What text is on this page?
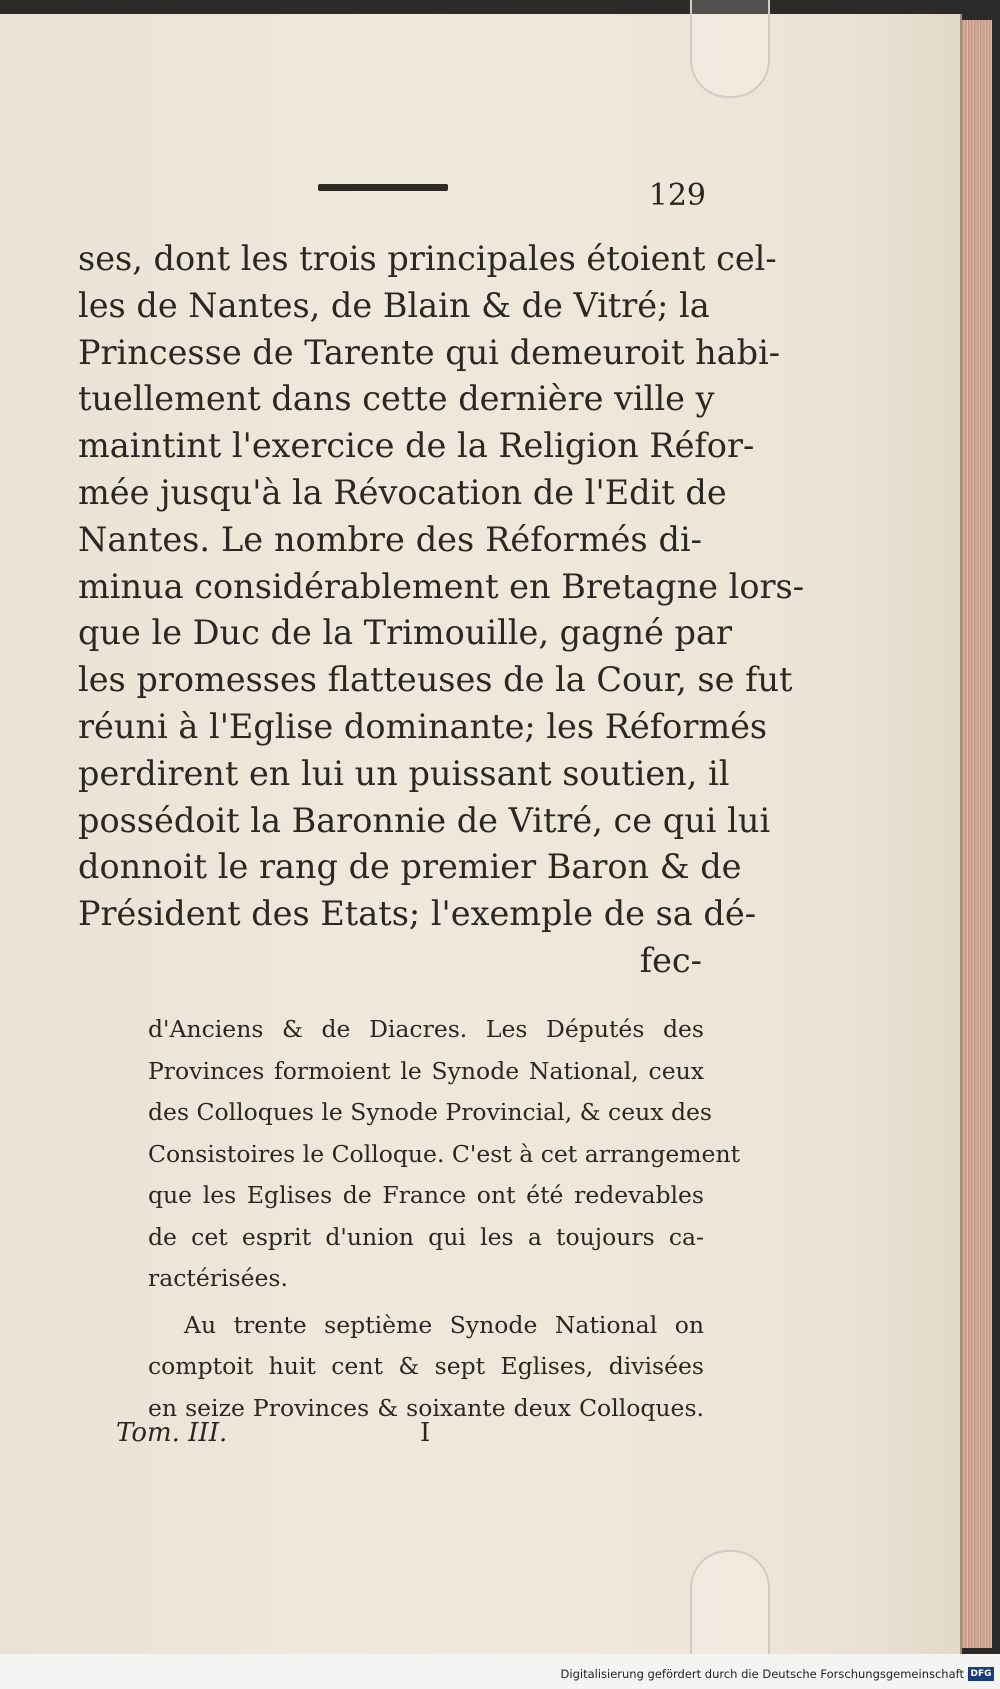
129
ses, dont les trois principales étoient cel-
les de Nantes, de Blain & de Vitré; la
Princesse de Tarente qui demeuroit habi-
tuellement dans cette dernière ville y
maintint l'exercice de la Religion Réfor-
mée jusqu'à la Révocation de l'Edit de
Nantes. Le nombre des Réformés di-
minua considérablement en Bretagne lors-
que le Duc de la Trimouille, gagné par
les promesses flatteuses de la Cour, se fut
réuni à l'Eglise dominante; les Réformés
perdirent en lui un puissant soutien, il
possédoit la Baronnie de Vitré, ce qui lui
donnoit le rang de premier Baron & de
Président des Etats; l'exemple de sa dé-
fec-
d'Anciens & de Diacres. Les Députés des
Provinces formoient le Synode National, ceux
des Colloques le Synode Provincial, & ceux des
Consistoires le Colloque. C'est à cet arrangement
que les Eglises de France ont été redevables
de cet esprit d'union qui les a toujours ca-
ractérisées.
Au trente septième Synode National on
comptoit huit cent & sept Eglises, divisées
en seize Provinces & soixante deux Colloques.
Tom. III.	I
Digitalisierung gefördert durch die Deutsche Forschungsgemeinschaft DFG
